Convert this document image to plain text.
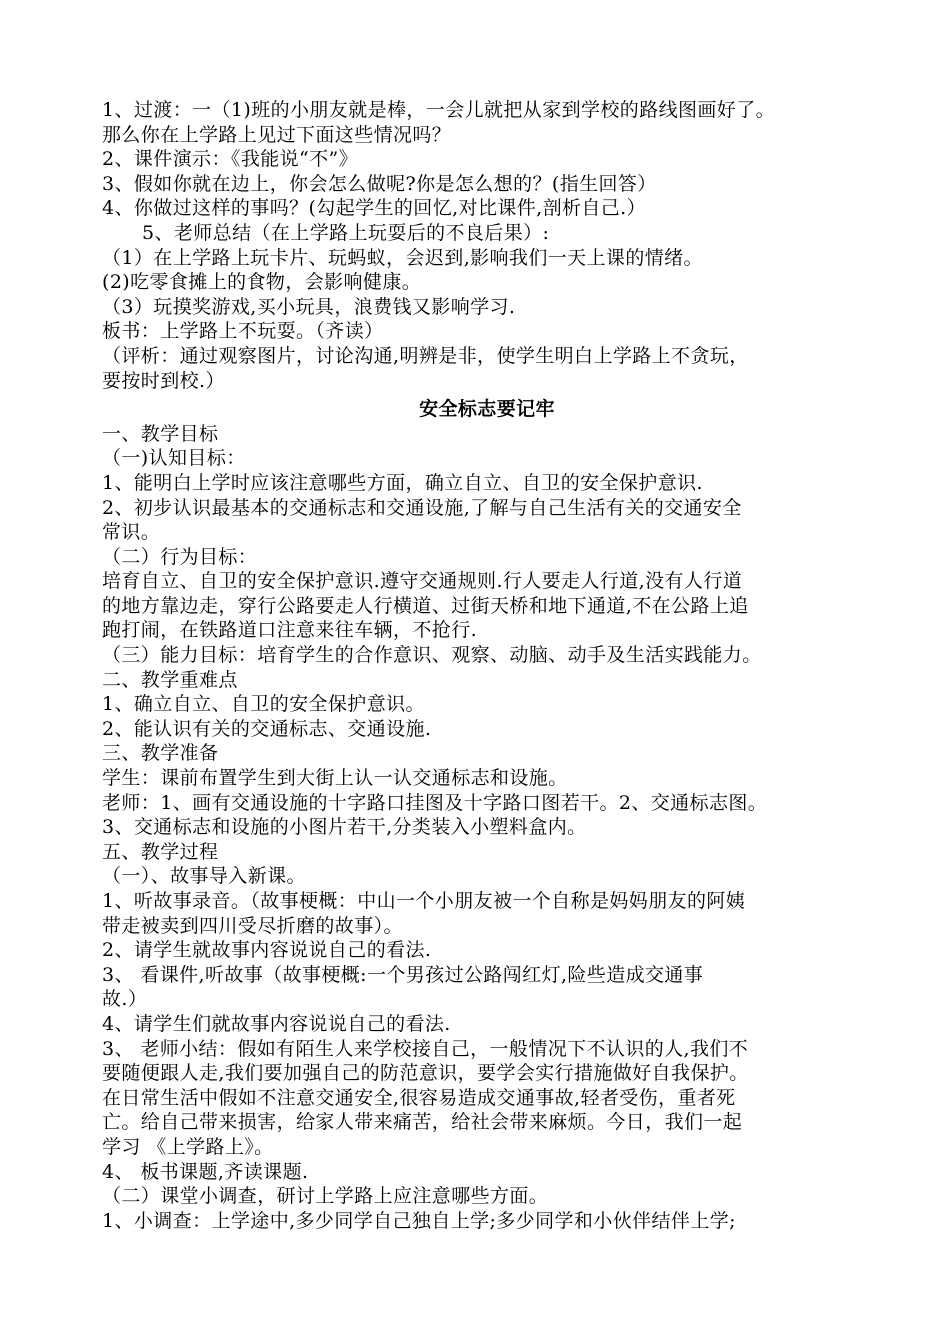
1、过渡：一（1)班的小朋友就是棒，一会儿就把从家到学校的路线图画好了。
那么你在上学路上见过下面这些情况吗？
2、课件演示：《我能说“不”》
3、假如你就在边上，你会怎么做呢?你是怎么想的？(指生回答）
4、你做过这样的事吗？(勾起学生的回忆,对比课件,剖析自己.）
5、老师总结（在上学路上玩耍后的不良后果）:
（1）在上学路上玩卡片、玩蚂蚁，会迟到,影响我们一天上课的情绪。
(2)吃零食摊上的食物，会影响健康。
（3）玩摸奖游戏,买小玩具，浪费钱又影响学习.
板书：上学路上不玩耍。（齐读）
（评析：通过观察图片，讨论沟通,明辨是非，使学生明白上学路上不贪玩，
要按时到校.）
安全标志要记牢
一、教学目标
（一)认知目标：
1、能明白上学时应该注意哪些方面，确立自立、自卫的安全保护意识.
2、初步认识最基本的交通标志和交通设施,了解与自己生活有关的交通安全
常识。
（二）行为目标：
培育自立、自卫的安全保护意识.遵守交通规则.行人要走人行道,没有人行道
的地方靠边走，穿行公路要走人行横道、过街天桥和地下通道,不在公路上追
跑打闹，在铁路道口注意来往车辆，不抢行.
（三）能力目标：培育学生的合作意识、观察、动脑、动手及生活实践能力。
二、教学重难点
1、确立自立、自卫的安全保护意识。
2、能认识有关的交通标志、交通设施.
三、教学准备
学生：课前布置学生到大街上认一认交通标志和设施。
老师：1、画有交通设施的十字路口挂图及十字路口图若干。2、交通标志图。
3、交通标志和设施的小图片若干,分类装入小塑料盒内。
五、教学过程
（一）、故事导入新课。
1、听故事录音。（故事梗概：中山一个小朋友被一个自称是妈妈朋友的阿姨
带走被卖到四川受尽折磨的故事）。
2、请学生就故事内容说说自己的看法.
3、 看课件,听故事（故事梗概:一个男孩过公路闯红灯,险些造成交通事
故.）
4、请学生们就故事内容说说自己的看法.
3、 老师小结：假如有陌生人来学校接自己，一般情况下不认识的人,我们不
要随便跟人走,我们要加强自己的防范意识，要学会实行措施做好自我保护。
在日常生活中假如不注意交通安全,很容易造成交通事故,轻者受伤，重者死
亡。给自己带来损害，给家人带来痛苦，给社会带来麻烦。今日，我们一起
学习 《上学路上》。
4、 板书课题,齐读课题.
（二）课堂小调查，研讨上学路上应注意哪些方面。
1、小调查：上学途中,多少同学自己独自上学;多少同学和小伙伴结伴上学;
